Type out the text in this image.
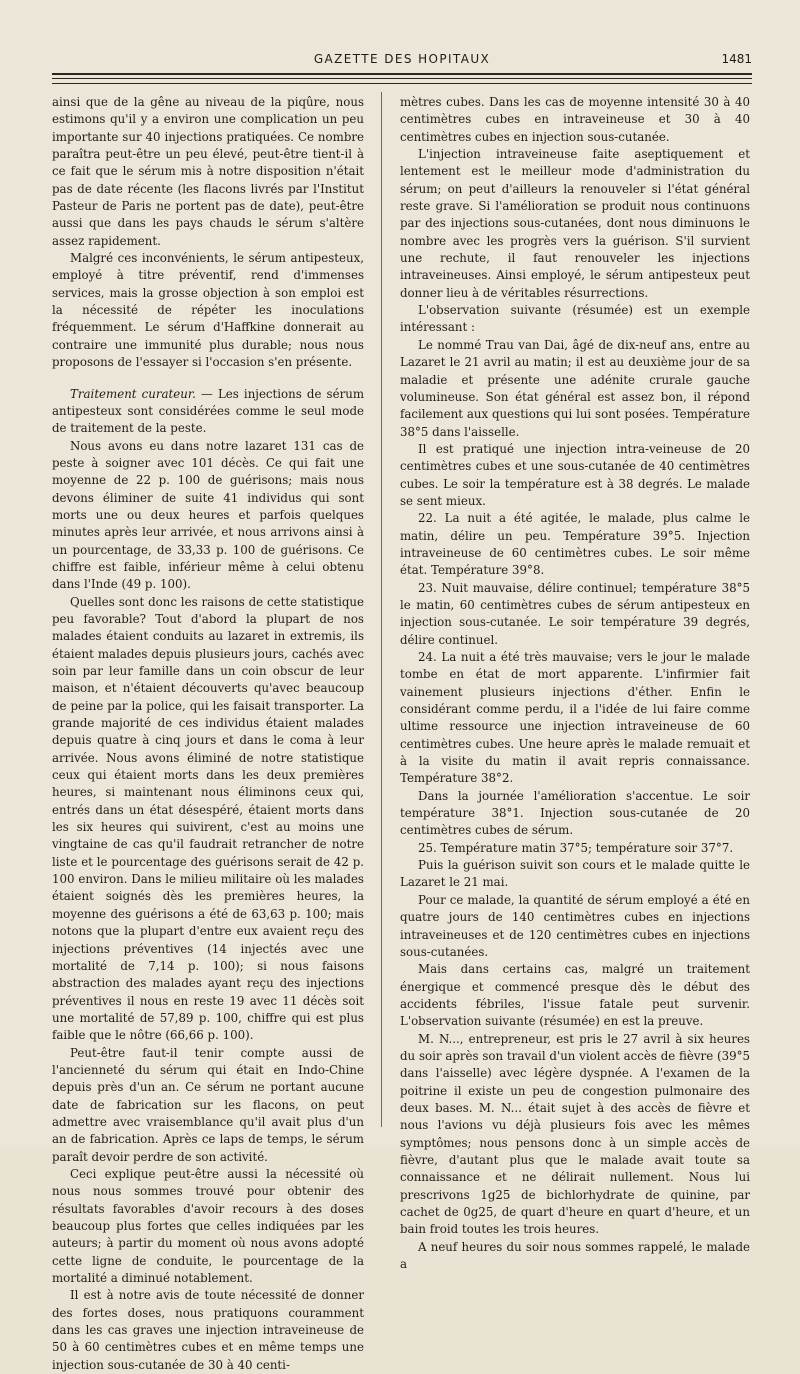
GAZETTE DES HOPITAUX	1481

ainsi que de la gêne au niveau de la piqûre, nous estimons qu'il y a environ une complication un peu importante sur 40 injections pratiquées. Ce nombre paraîtra peut-être un peu élevé, peut-être tient-il à ce fait que le sérum mis à notre disposition n'était pas de date récente (les flacons livrés par l'Institut Pasteur de Paris ne portent pas de date), peut-être aussi que dans les pays chauds le sérum s'altère assez rapidement.

Malgré ces inconvénients, le sérum antipesteux, employé à titre préventif, rend d'immenses services, mais la grosse objection à son emploi est la nécessité de répéter les inoculations fréquemment. Le sérum d'Haffkine donnerait au contraire une immunité plus durable; nous nous proposons de l'essayer si l'occasion s'en présente.

Traitement curateur. — Les injections de sérum antipesteux sont considérées comme le seul mode de traitement de la peste.

Nous avons eu dans notre lazaret 131 cas de peste à soigner avec 101 décès. Ce qui fait une moyenne de 22 p. 100 de guérisons; mais nous devons éliminer de suite 41 individus qui sont morts une ou deux heures et parfois quelques minutes après leur arrivée, et nous arrivons ainsi à un pourcentage, de 33,33 p. 100 de guérisons. Ce chiffre est faible, inférieur même à celui obtenu dans l'Inde (49 p. 100).

Quelles sont donc les raisons de cette statistique peu favorable? Tout d'abord la plupart de nos malades étaient conduits au lazaret in extremis, ils étaient malades depuis plusieurs jours, cachés avec soin par leur famille dans un coin obscur de leur maison, et n'étaient découverts qu'avec beaucoup de peine par la police, qui les faisait transporter. La grande majorité de ces individus étaient malades depuis quatre à cinq jours et dans le coma à leur arrivée. Nous avons éliminé de notre statistique ceux qui étaient morts dans les deux premières heures, si maintenant nous éliminons ceux qui, entrés dans un état désespéré, étaient morts dans les six heures qui suivirent, c'est au moins une vingtaine de cas qu'il faudrait retrancher de notre liste et le pourcentage des guérisons serait de 42 p. 100 environ. Dans le milieu militaire où les malades étaient soignés dès les premières heures, la moyenne des guérisons a été de 63,63 p. 100; mais notons que la plupart d'entre eux avaient reçu des injections préventives (14 injectés avec une mortalité de 7,14 p. 100); si nous faisons abstraction des malades ayant reçu des injections préventives il nous en reste 19 avec 11 décès soit une mortalité de 57,89 p. 100, chiffre qui est plus faible que le nôtre (66,66 p. 100).

Peut-être faut-il tenir compte aussi de l'ancienneté du sérum qui était en Indo-Chine depuis près d'un an. Ce sérum ne portant aucune date de fabrication sur les flacons, on peut admettre avec vraisemblance qu'il avait plus d'un an de fabrication. Après ce laps de temps, le sérum paraît devoir perdre de son activité.

Ceci explique peut-être aussi la nécessité où nous nous sommes trouvé pour obtenir des résultats favorables d'avoir recours à des doses beaucoup plus fortes que celles indiquées par les auteurs; à partir du moment où nous avons adopté cette ligne de conduite, le pourcentage de la mortalité a diminué notablement.

Il est à notre avis de toute nécessité de donner des fortes doses, nous pratiquons couramment dans les cas graves une injection intraveineuse de 50 à 60 centimètres cubes et en même temps une injection sous-cutanée de 30 à 40 centi-

mètres cubes. Dans les cas de moyenne intensité 30 à 40 centimètres cubes en intraveineuse et 30 à 40 centimètres cubes en injection sous-cutanée.

L'injection intraveineuse faite aseptiquement et lentement est le meilleur mode d'administration du sérum; on peut d'ailleurs la renouveler si l'état général reste grave. Si l'amélioration se produit nous continuons par des injections sous-cutanées, dont nous diminuons le nombre avec les progrès vers la guérison. S'il survient une rechute, il faut renouveler les injections intraveineuses. Ainsi employé, le sérum antipesteux peut donner lieu à de véritables résurrections.

L'observation suivante (résumée) est un exemple intéressant :

Le nommé Trau van Dai, âgé de dix-neuf ans, entre au Lazaret le 21 avril au matin; il est au deuxième jour de sa maladie et présente une adénite crurale gauche volumineuse. Son état général est assez bon, il répond facilement aux questions qui lui sont posées. Température 38°5 dans l'aisselle.

Il est pratiqué une injection intra-veineuse de 20 centimètres cubes et une sous-cutanée de 40 centimètres cubes. Le soir la température est à 38 degrés. Le malade se sent mieux.

22. La nuit a été agitée, le malade, plus calme le matin, délire un peu. Température 39°5. Injection intraveineuse de 60 centimètres cubes. Le soir même état. Température 39°8.

23. Nuit mauvaise, délire continuel; température 38°5 le matin, 60 centimètres cubes de sérum antipesteux en injection sous-cutanée. Le soir température 39 degrés, délire continuel.

24. La nuit a été très mauvaise; vers le jour le malade tombe en état de mort apparente. L'infirmier fait vainement plusieurs injections d'éther. Enfin le considérant comme perdu, il a l'idée de lui faire comme ultime ressource une injection intraveineuse de 60 centimètres cubes. Une heure après le malade remuait et à la visite du matin il avait repris connaissance. Température 38°2.

Dans la journée l'amélioration s'accentue. Le soir température 38°1. Injection sous-cutanée de 20 centimètres cubes de sérum.

25. Température matin 37°5; température soir 37°7.

Puis la guérison suivit son cours et le malade quitte le Lazaret le 21 mai.

Pour ce malade, la quantité de sérum employé a été en quatre jours de 140 centimètres cubes en injections intraveineuses et de 120 centimètres cubes en injections sous-cutanées.

Mais dans certains cas, malgré un traitement énergique et commencé presque dès le début des accidents fébriles, l'issue fatale peut survenir. L'observation suivante (résumée) en est la preuve.

M. N..., entrepreneur, est pris le 27 avril à six heures du soir après son travail d'un violent accès de fièvre (39°5 dans l'aisselle) avec légère dyspnée. A l'examen de la poitrine il existe un peu de congestion pulmonaire des deux bases. M. N... était sujet à des accès de fièvre et nous l'avions vu déjà plusieurs fois avec les mêmes symptômes; nous pensons donc à un simple accès de fièvre, d'autant plus que le malade avait toute sa connaissance et ne délirait nullement. Nous lui prescrivons 1g25 de bichlorhydrate de quinine, par cachet de 0g25, de quart d'heure en quart d'heure, et un bain froid toutes les trois heures.

A neuf heures du soir nous sommes rappelé, le malade a
